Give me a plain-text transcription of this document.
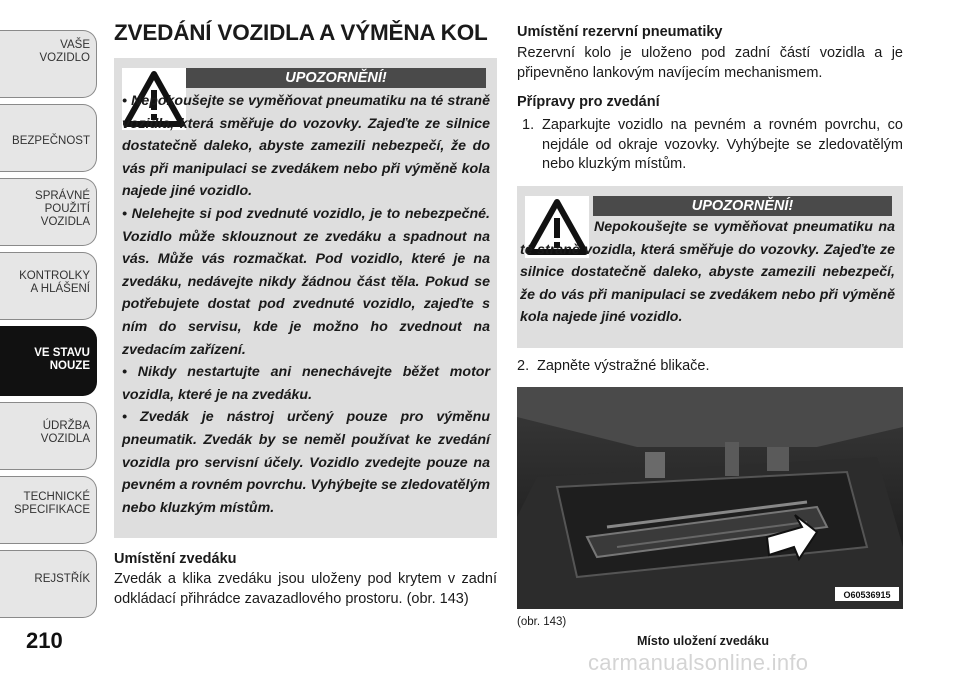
VAŠE
VOZIDLO
BEZPEČNOST
SPRÁVNÉ
POUŽITÍ
VOZIDLA
KONTROLKY
A HLÁŠENÍ
VE STAVU
NOUZE
ÚDRŽBA
VOZIDLA
TECHNICKÉ
SPECIFIKACE
REJSTŘÍK
210
ZVEDÁNÍ VOZIDLA A VÝMĚNA KOL
UPOZORNĚNÍ!

• Nepokoušejte se vyměňovat pneumatiku na té straně vozidla, která směřuje do vozovky. Zajeďte ze silnice dostatečně daleko, abyste zamezili nebezpečí, že do vás při manipulaci se zvedákem nebo při výměně kola najede jiné vozidlo.

• Nelehejte si pod zvednuté vozidlo, je to nebezpečné. Vozidlo může sklouznout ze zvedáku a spadnout na vás. Může vás rozmačkat. Pod vozidlo, které je na zvedáku, nedávejte nikdy žádnou část těla. Pokud se potřebujete dostat pod zvednuté vozidlo, zajeďte s ním do servisu, kde je možno ho zvednout na zvedacím zařízení.

• Nikdy nestartujte ani nenechávejte běžet motor vozidla, které je na zvedáku.

• Zvedák je nástroj určený pouze pro výměnu pneumatik. Zvedák by se neměl používat ke zvedání vozidla pro servisní účely. Vozidlo zvedejte pouze na pevném a rovném povrchu. Vyhýbejte se zledovatělým nebo kluzkým místům.

Umístění zvedáku
Zvedák a klika zvedáku jsou uloženy pod krytem v zadní odkládací přihrádce zavazadlového prostoru. (obr. 143)
Umístění rezervní pneumatiky
Rezervní kolo je uloženo pod zadní částí vozidla a je připevněno lankovým navíjecím mechanismem.
Přípravy pro zvedání
1. Zaparkujte vozidlo na pevném a rovném povrchu, co nejdále od okraje vozovky. Vyhýbejte se zledovatělým nebo kluzkým místům.
UPOZORNĚNÍ!
Nepokoušejte se vyměňovat pneumatiku na té straně vozidla, která směřuje do vozovky. Zajeďte ze silnice dostatečně daleko, abyste zamezili nebezpečí, že do vás při manipulaci se zvedákem nebo při výměně kola najede jiné vozidlo.
2. Zapněte výstražné blikače.
O60536915
(obr. 143)
Místo uložení zvedáku
carmanualsonline.info
